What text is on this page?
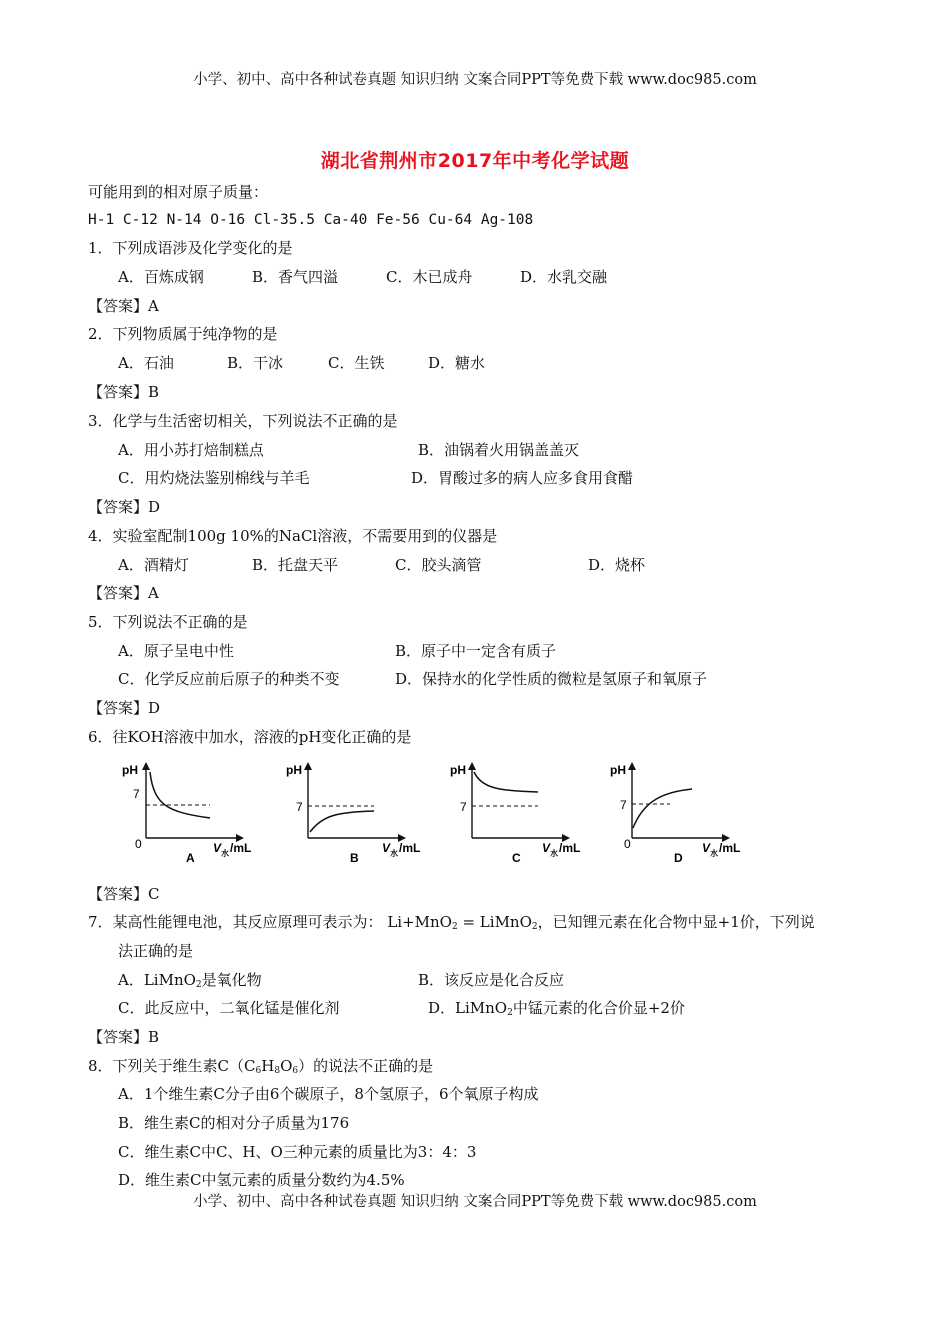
小学、初中、高中各种试卷真题 知识归纳 文案合同PPT等免费下载 www.doc985.com
湖北省荆州市2017年中考化学试题
可能用到的相对原子质量：
H-1 C-12 N-14 O-16 Cl-35.5 Ca-40 Fe-56 Cu-64 Ag-108
1．下列成语涉及化学变化的是
A．百炼成钢	B．香气四溢	C．木已成舟	D．水乳交融
【答案】A
2．下列物质属于纯净物的是
A．石油	B．干冰	C．生铁	D．糖水
【答案】B
3．化学与生活密切相关，下列说法不正确的是
A．用小苏打焙制糕点	B．油锅着火用锅盖盖灭
C．用灼烧法鉴别棉线与羊毛	D．胃酸过多的病人应多食用食醋
【答案】D
4．实验室配制100g 10%的NaCl溶液，不需要用到的仪器是
A．酒精灯	B．托盘天平	C．胶头滴管	D．烧杯
【答案】A
5．下列说法不正确的是
A．原子呈电中性	B．原子中一定含有质子
C．化学反应前后原子的种类不变	D．保持水的化学性质的微粒是氢原子和氧原子
【答案】D
6．往KOH溶液中加水，溶液的pH变化正确的是
pH
7
0	V 水 /mL
A
pH
7
V 水 /mL
B
pH
7
V 水 /mL
C
pH
7
0	V 水 /mL
D
【答案】C
7．某高性能锂电池，其反应原理可表示为： Li+MnO$_2$ = LiMnO$_2$，已知锂元素在化合物中显+1价，下列说
法正确的是
A．LiMnO$_2$是氧化物	B．该反应是化合反应
C．此反应中，二氧化锰是催化剂	D．LiMnO$_2$中锰元素的化合价显+2价
【答案】B
8．下列关于维生素$C(C_6H_8O_6)$的说法不正确的是
A．1个维生素C分子由6个碳原子，8个氢原子，6个氧原子构成
B．维生素C的相对分子质量为176
C．维生素C中C、H、O三种元素的质量比为3：4：3
D．维生素C中氢元素的质量分数约为4.5%
小学、初中、高中各种试卷真题 知识归纳 文案合同PPT等免费下载 www.doc985.com
